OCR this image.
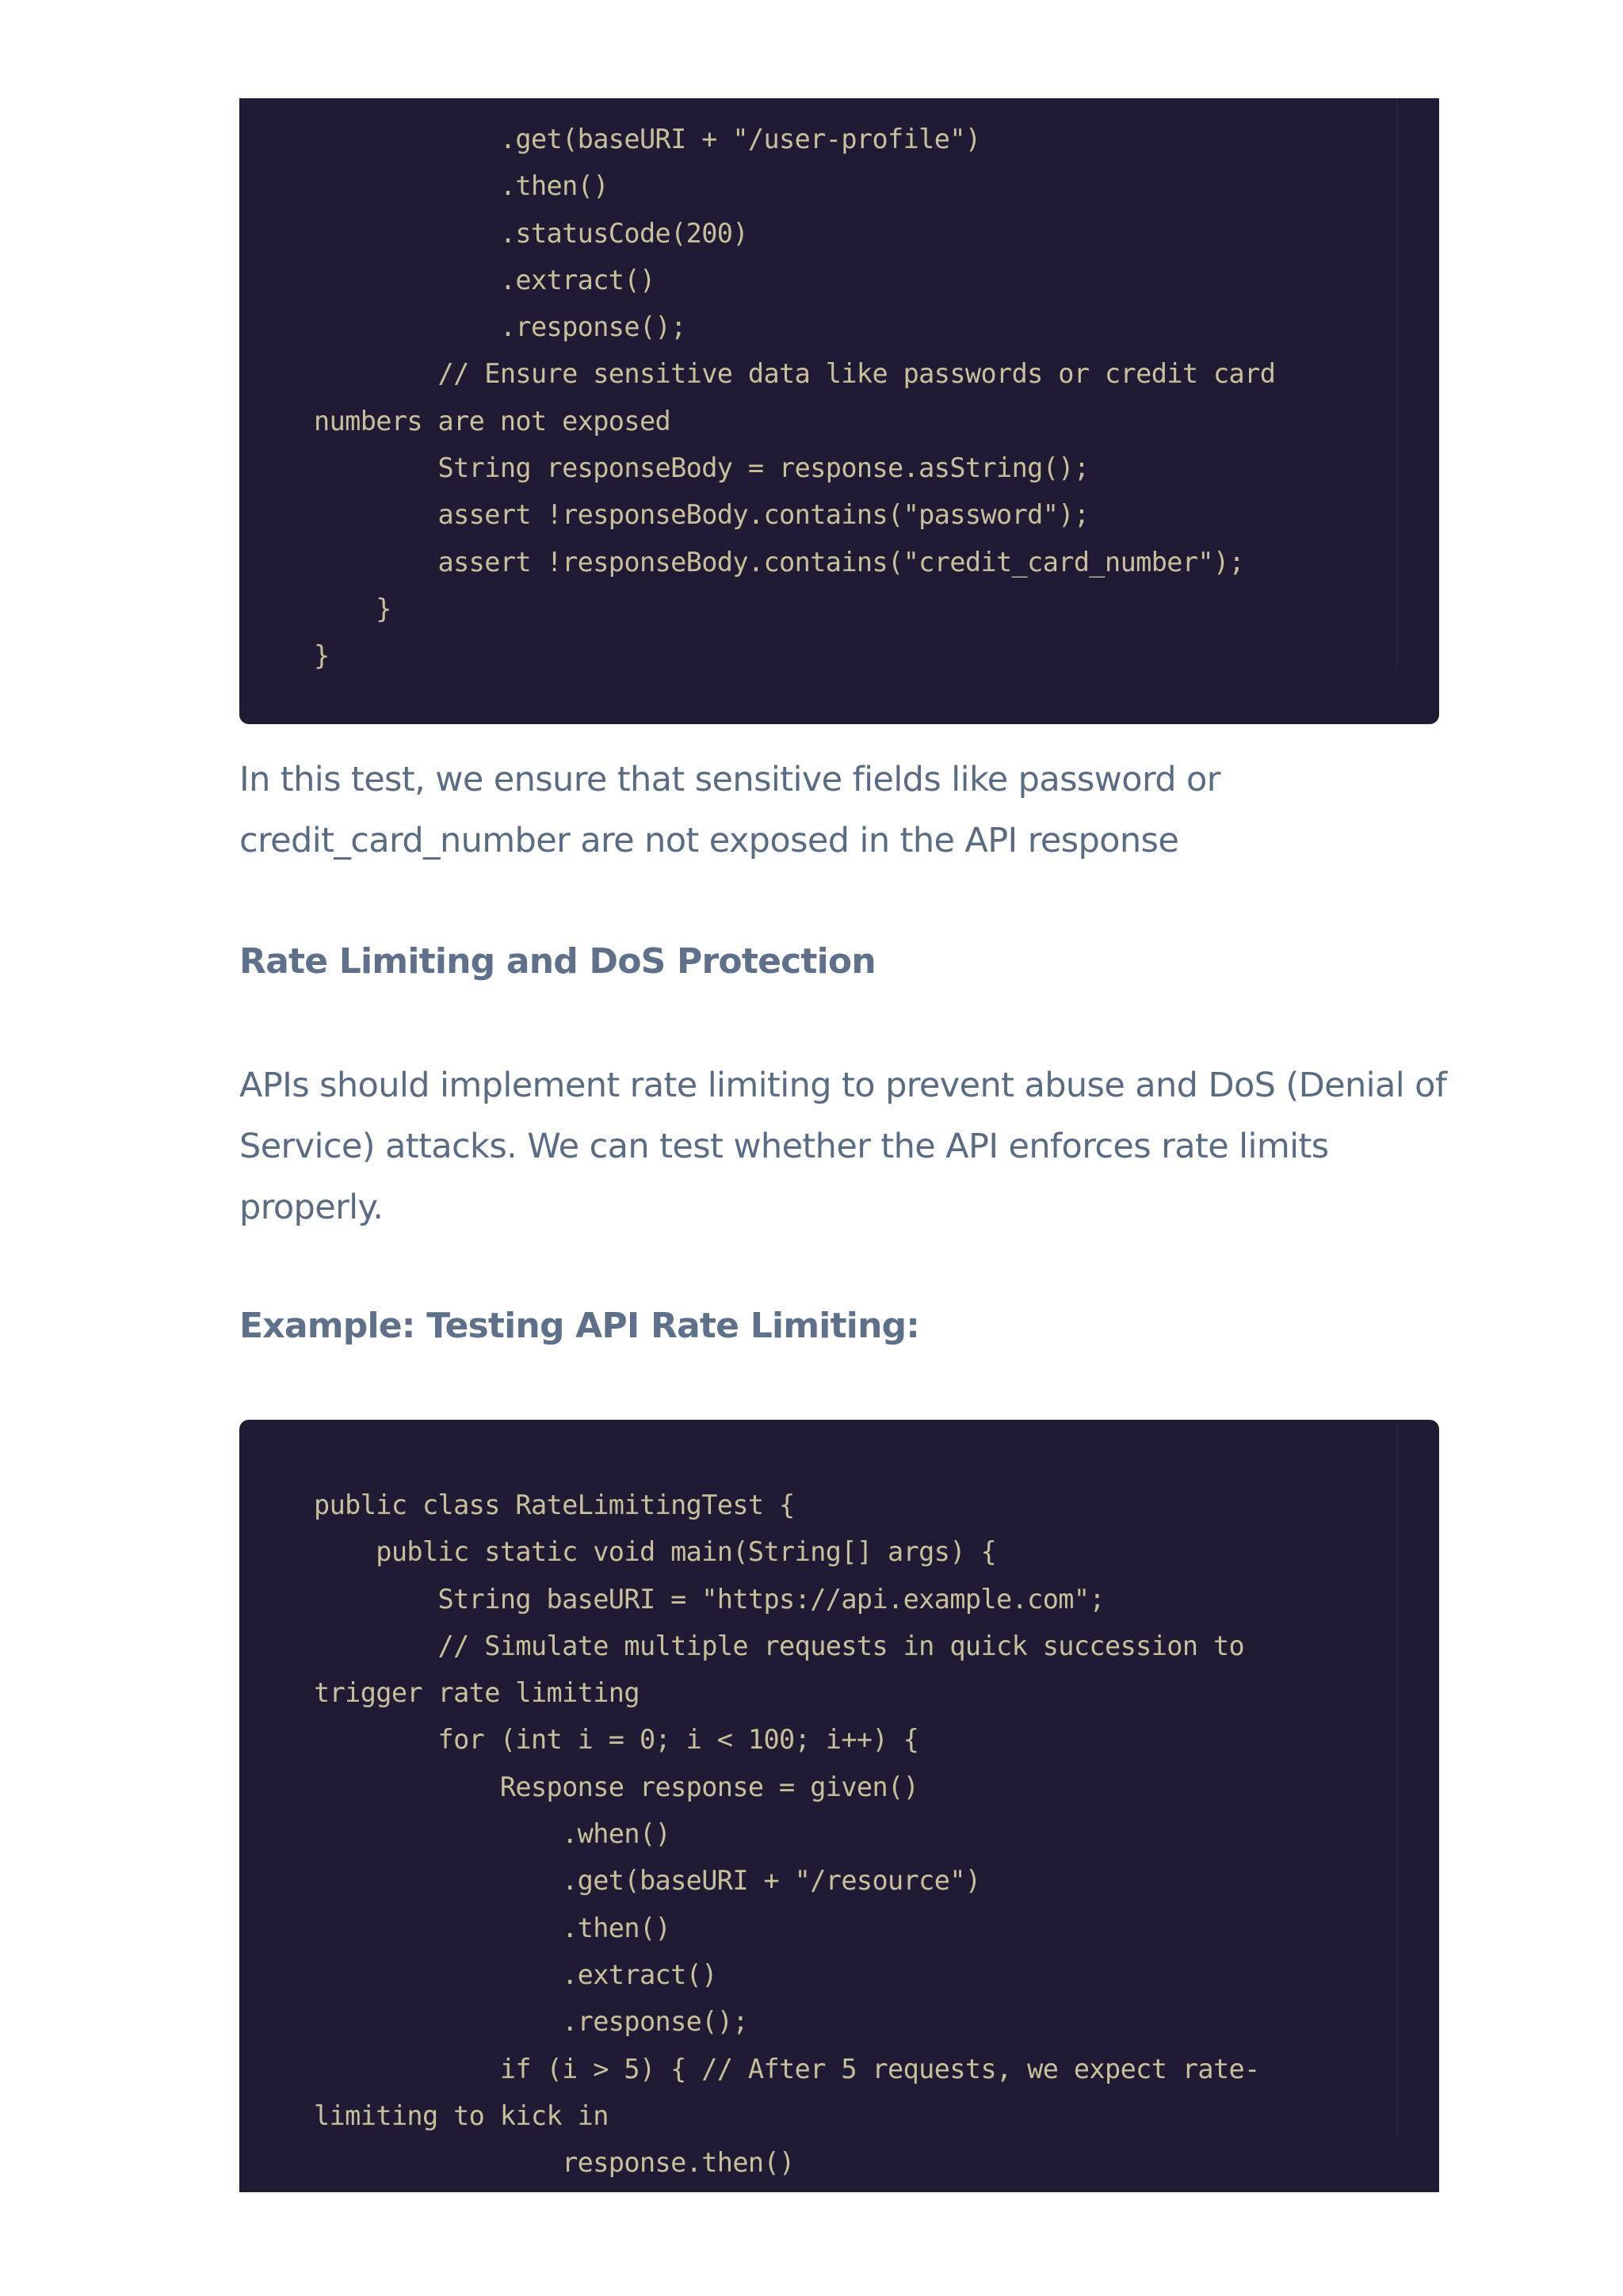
.get(baseURI + "/user-profile")
.then()
.statusCode(200)
.extract()
.response();
// Ensure sensitive data like passwords or credit card
numbers are not exposed
String responseBody = response.asString();
assert !responseBody.contains("password");
assert !responseBody.contains("credit_card_number");
}
}

In this test, we ensure that sensitive fields like password or credit_card_number are not exposed in the API response

Rate Limiting and DoS Protection

APIs should implement rate limiting to prevent abuse and DoS (Denial of Service) attacks. We can test whether the API enforces rate limits properly.

Example: Testing API Rate Limiting:
public class RateLimitingTest {
public static void main(String[] args) {
String baseURI = "https://api.example.com";
// Simulate multiple requests in quick succession to
trigger rate limiting
for (int i = 0; i < 100; i++) {
Response response = given()
.when()
.get(baseURI + "/resource")
.then()
.extract()
.response();
if (i > 5) { // After 5 requests, we expect rate-
limiting to kick in
response.then()
